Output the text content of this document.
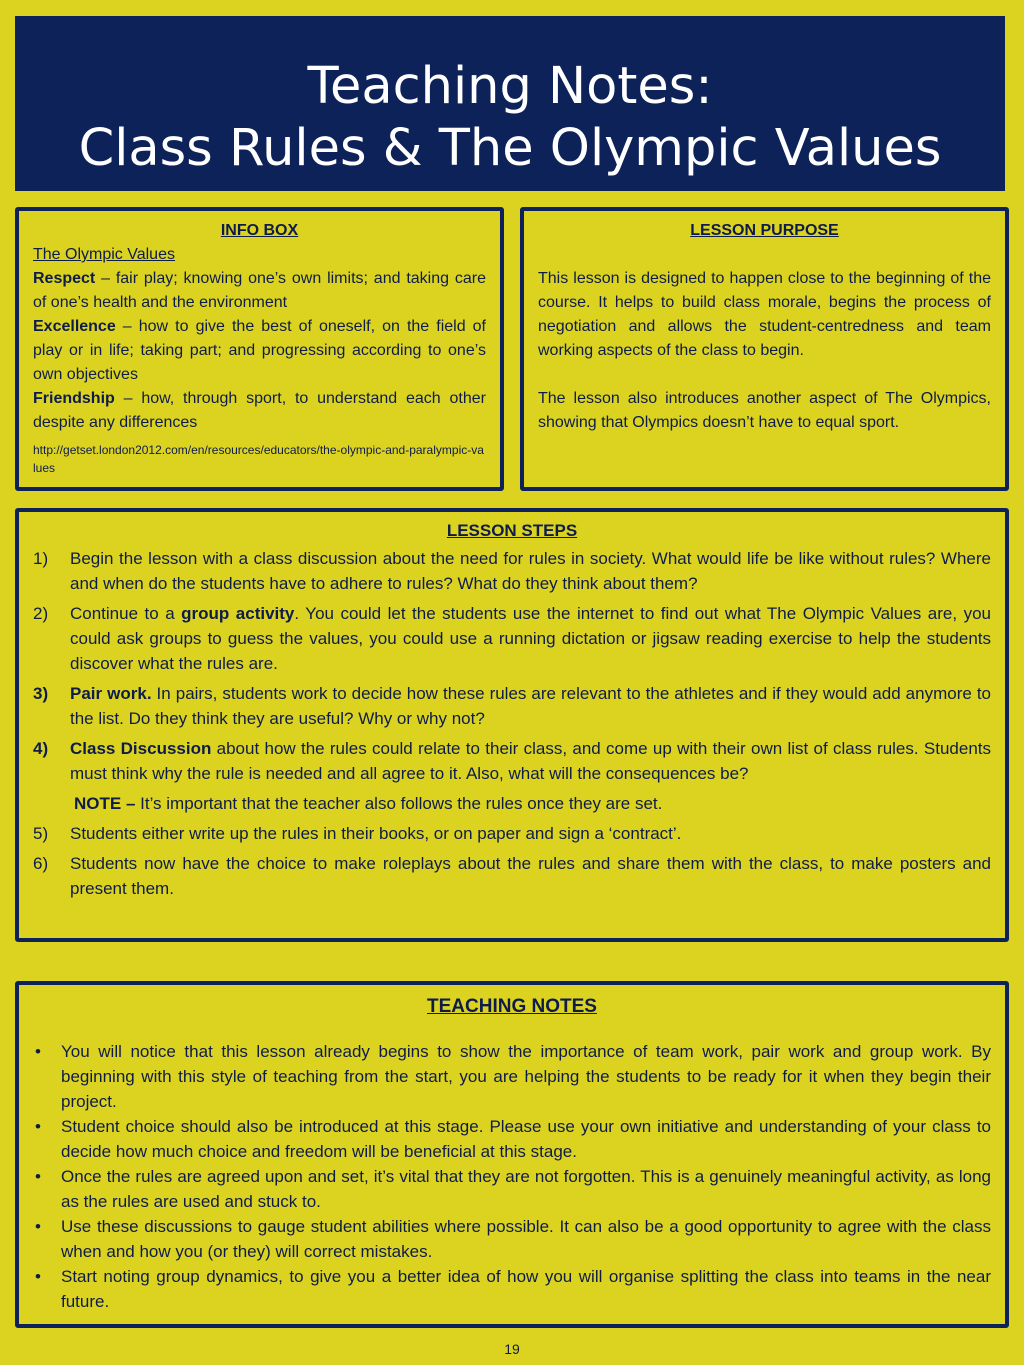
Teaching Notes:
Class Rules & The Olympic Values
INFO BOX
The Olympic Values
Respect – fair play; knowing one’s own limits; and taking care of one’s health and the environment
Excellence – how to give the best of oneself, on the field of play or in life; taking part; and progressing according to one’s own objectives
Friendship – how, through sport, to understand each other despite any differences
http://getset.london2012.com/en/resources/educators/the-olympic-and-paralympic-values
LESSON PURPOSE
This lesson is designed to happen close to the beginning of the course. It helps to build class morale, begins the process of negotiation and allows the student-centredness and team working aspects of the class to begin.
The lesson also introduces another aspect of The Olympics, showing that Olympics doesn’t have to equal sport.
LESSON STEPS
1) Begin the lesson with a class discussion about the need for rules in society. What would life be like without rules? Where and when do the students have to adhere to rules? What do they think about them?
2) Continue to a group activity. You could let the students use the internet to find out what The Olympic Values are, you could ask groups to guess the values, you could use a running dictation or jigsaw reading exercise to help the students discover what the rules are.
3) Pair work. In pairs, students work to decide how these rules are relevant to the athletes and if they would add anymore to the list. Do they think they are useful? Why or why not?
4) Class Discussion about how the rules could relate to their class, and come up with their own list of class rules. Students must think why the rule is needed and all agree to it. Also, what will the consequences be?
NOTE – It’s important that the teacher also follows the rules once they are set.
5) Students either write up the rules in their books, or on paper and sign a ‘contract’.
6) Students now have the choice to make roleplays about the rules and share them with the class, to make posters and present them.
TEACHING NOTES
• You will notice that this lesson already begins to show the importance of team work, pair work and group work. By beginning with this style of teaching from the start, you are helping the students to be ready for it when they begin their project.
• Student choice should also be introduced at this stage. Please use your own initiative and understanding of your class to decide how much choice and freedom will be beneficial at this stage.
• Once the rules are agreed upon and set, it’s vital that they are not forgotten. This is a genuinely meaningful activity, as long as the rules are used and stuck to.
• Use these discussions to gauge student abilities where possible. It can also be a good opportunity to agree with the class when and how you (or they) will correct mistakes.
• Start noting group dynamics, to give you a better idea of how you will organise splitting the class into teams in the near future.
19
